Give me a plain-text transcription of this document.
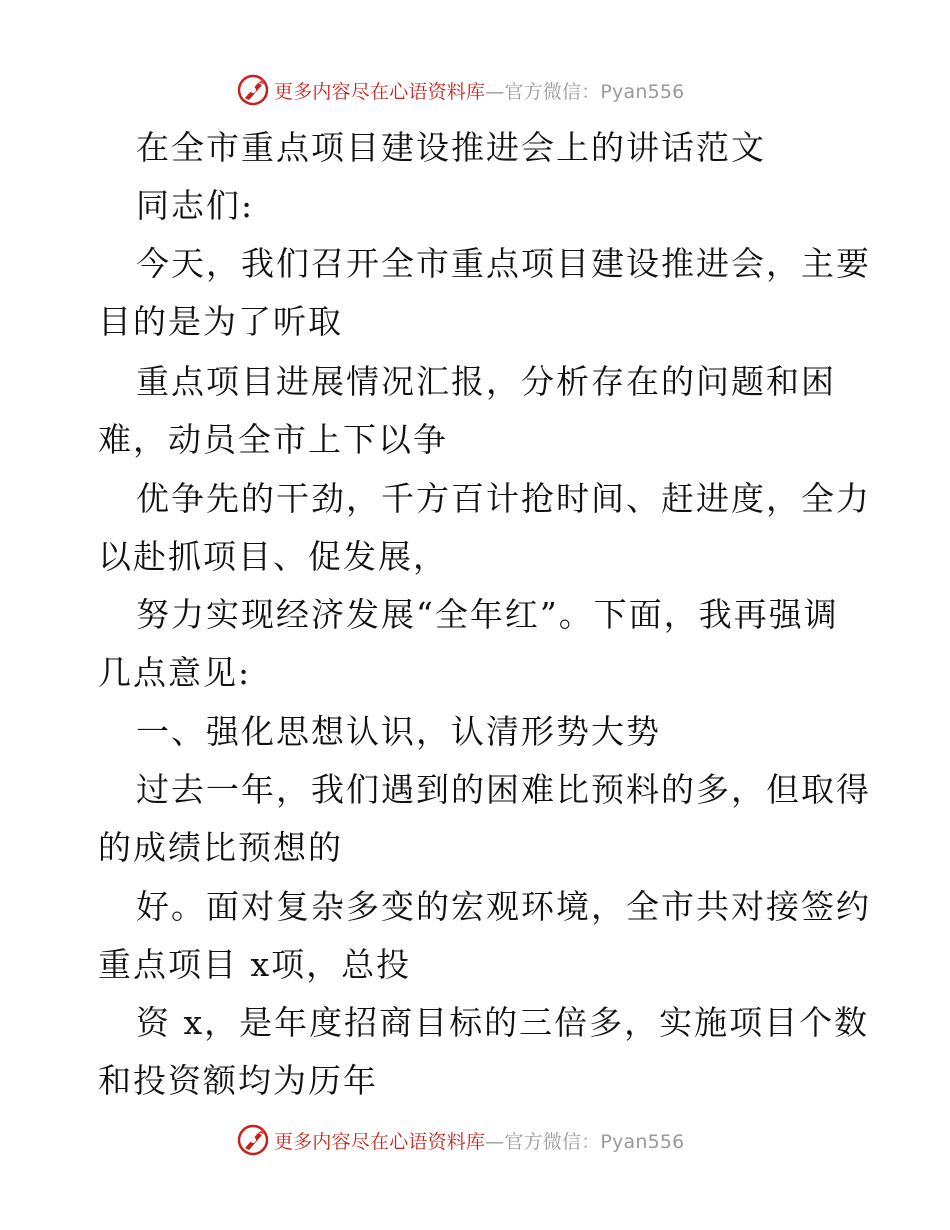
更多内容尽在心语资料库—官方微信：Pyan556
在全市重点项目建设推进会上的讲话范文
同志们:
今天，我们召开全市重点项目建设推进会，主要
目的是为了听取
重点项目进展情况汇报，分析存在的问题和困
难，动员全市上下以争
优争先的干劲，千方百计抢时间、赶进度，全力
以赴抓项目、促发展，
努力实现经济发展“全年红”。下面，我再强调
几点意见:
一、强化思想认识，认清形势大势
过去一年，我们遇到的困难比预料的多，但取得
的成绩比预想的
好。面对复杂多变的宏观环境，全市共对接签约
重点项目 x项，总投
资 x，是年度招商目标的三倍多，实施项目个数
和投资额均为历年
更多内容尽在心语资料库—官方微信：Pyan556
